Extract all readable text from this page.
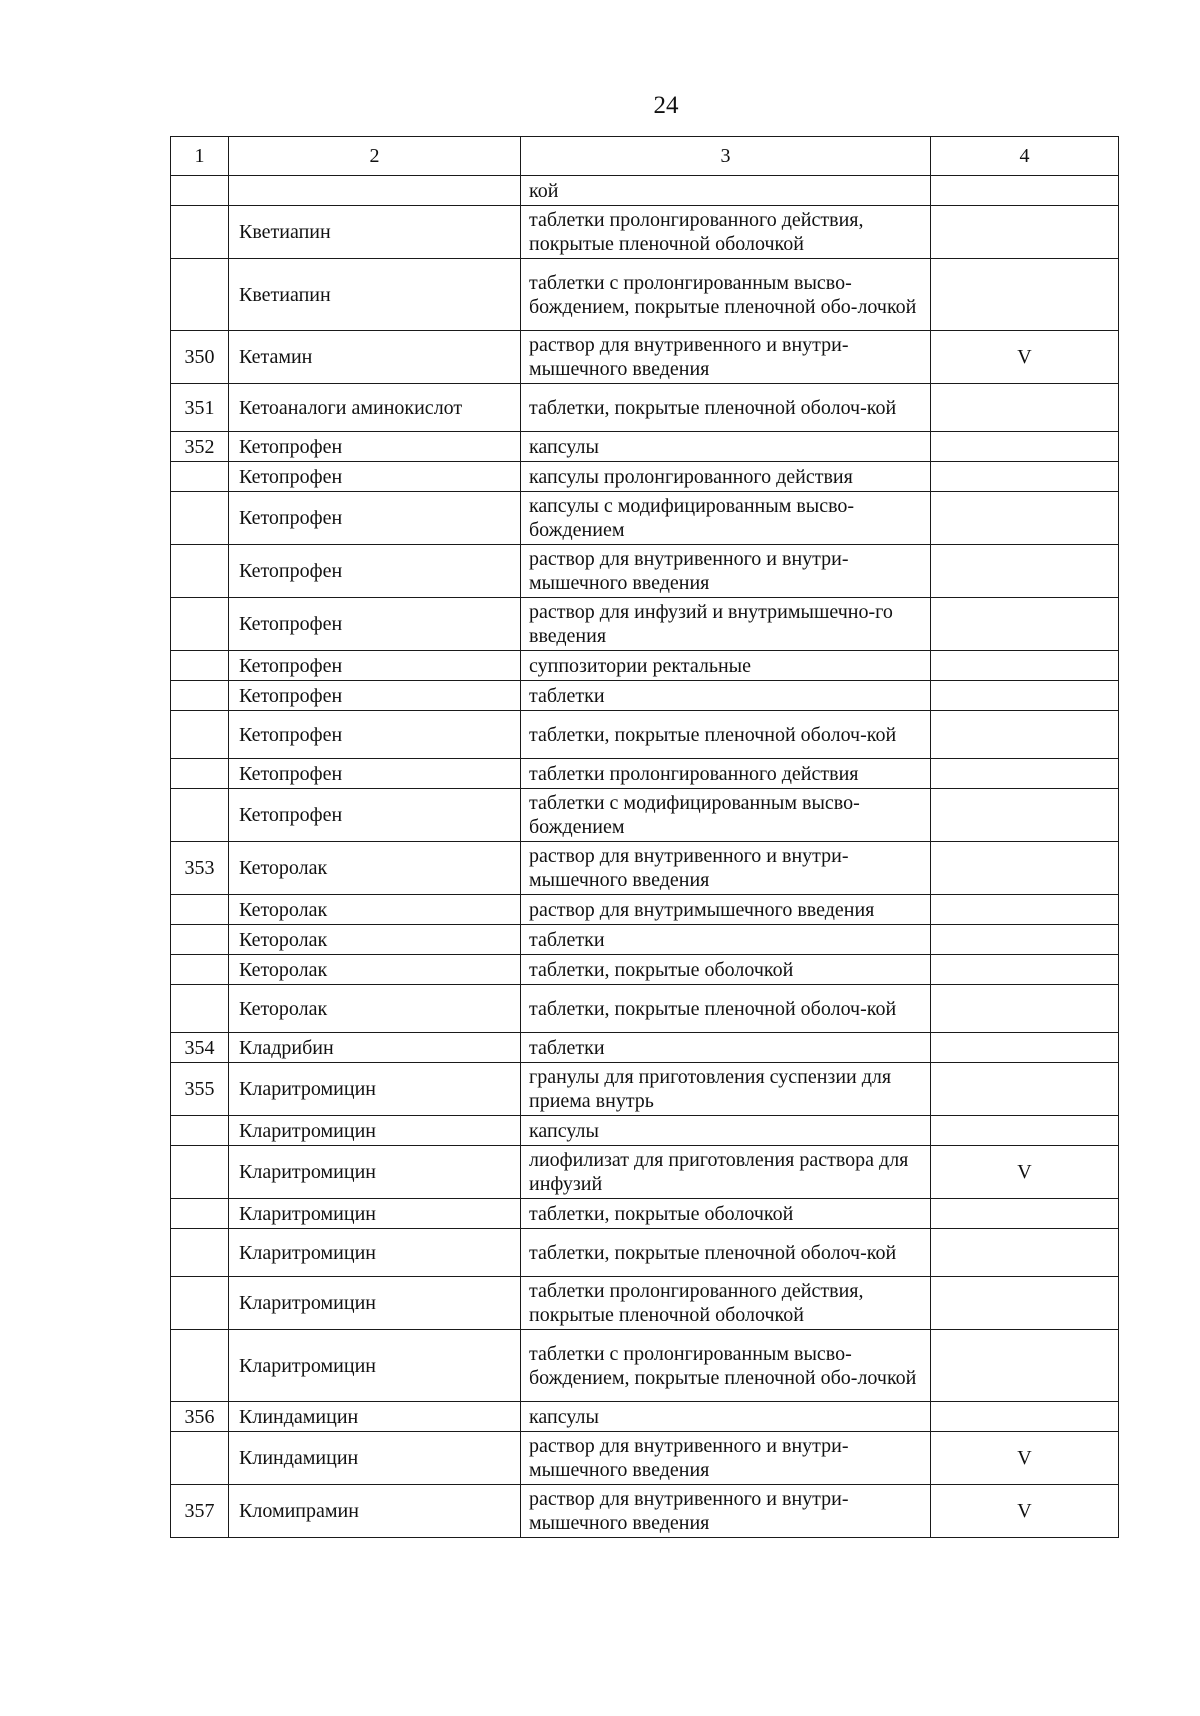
24
1	2	3	4
		кой	
	Кветиапин	таблетки пролонгированного действия, покрытые пленочной оболочкой	
	Кветиапин	таблетки с пролонгированным высво-бождением, покрытые пленочной обо-лочкой	
350	Кетамин	раствор для внутривенного и внутри-мышечного введения	V
351	Кетоаналоги аминокислот	таблетки, покрытые пленочной оболоч-кой	
352	Кетопрофен	капсулы	
	Кетопрофен	капсулы пролонгированного действия	
	Кетопрофен	капсулы с модифицированным высво-бождением	
	Кетопрофен	раствор для внутривенного и внутри-мышечного введения	
	Кетопрофен	раствор для инфузий и внутримышечно-го введения	
	Кетопрофен	суппозитории ректальные	
	Кетопрофен	таблетки	
	Кетопрофен	таблетки, покрытые пленочной оболоч-кой	
	Кетопрофен	таблетки пролонгированного действия	
	Кетопрофен	таблетки с модифицированным высво-бождением	
353	Кеторолак	раствор для внутривенного и внутри-мышечного введения	
	Кеторолак	раствор для внутримышечного введения	
	Кеторолак	таблетки	
	Кеторолак	таблетки, покрытые оболочкой	
	Кеторолак	таблетки, покрытые пленочной оболоч-кой	
354	Кладрибин	таблетки	
355	Кларитромицин	гранулы для приготовления суспензии для приема внутрь	
	Кларитромицин	капсулы	
	Кларитромицин	лиофилизат для приготовления раствора для инфузий	V
	Кларитромицин	таблетки, покрытые оболочкой	
	Кларитромицин	таблетки, покрытые пленочной оболоч-кой	
	Кларитромицин	таблетки пролонгированного действия, покрытые пленочной оболочкой	
	Кларитромицин	таблетки с пролонгированным высво-бождением, покрытые пленочной обо-лочкой	
356	Клиндамицин	капсулы	
	Клиндамицин	раствор для внутривенного и внутри-мышечного введения	V
357	Кломипрамин	раствор для внутривенного и внутри-мышечного введения	V
